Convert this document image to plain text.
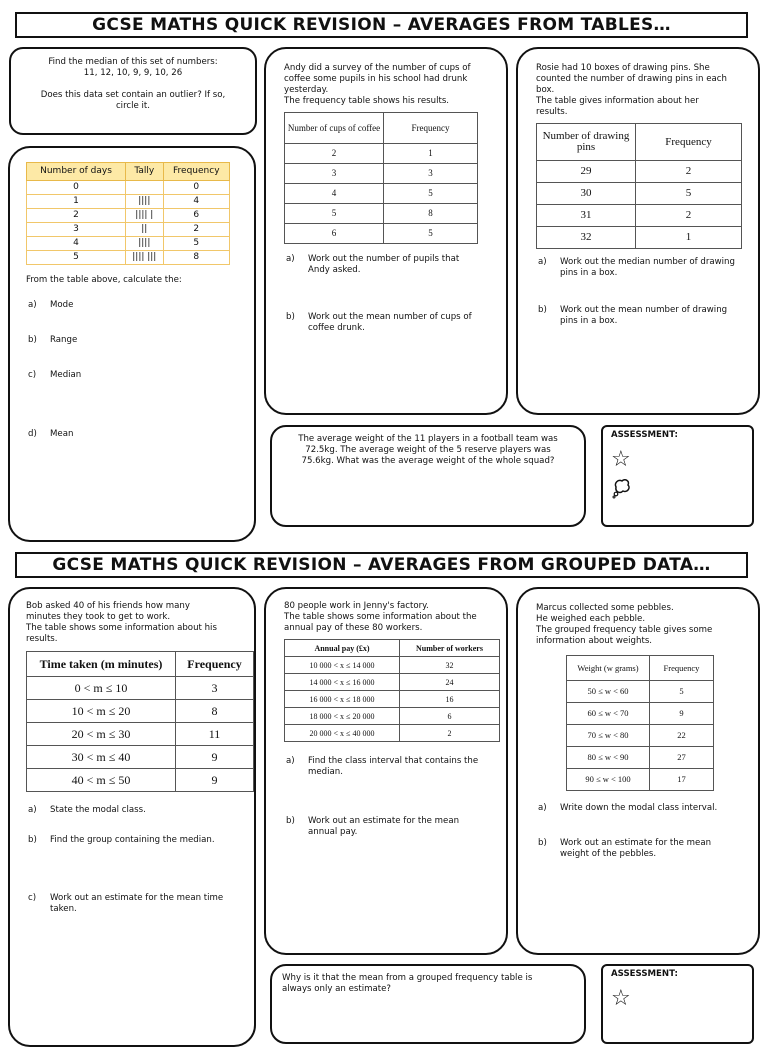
GCSE MATHS QUICK REVISION – AVERAGES FROM TABLES…

Find the median of this set of numbers:

11, 12, 10, 9, 9, 10, 26

Does this data set contain an outlier? If so,

circle it.

Number of days	Tally	Frequency
0		0
1	||||	4
2	|||| |	6
3	||	2
4	||||	5
5	|||| |||	8

From the table above, calculate the:

a)	Mode
b)	Range
c)	Median
d)	Mean

Andy did a survey of the number of cups of

coffee some pupils in his school had drunk

yesterday.

The frequency table shows his results.

Number of cups of coffee	Frequency
2	1
3	3
4	5
5	8
6	5
a)	Work out the number of pupils that

Andy asked.

b)	Work out the mean number of cups of

coffee drunk.

Rosie had 10 boxes of drawing pins. She

counted the number of drawing pins in each

box.

The table gives information about her

results.

Number of drawing pins	Frequency
29	2
30	5
31	2
32	1
a)	Work out the median number of drawing

pins in a box.

b)	Work out the mean number of drawing

pins in a box.

The average weight of the 11 players in a football team was

72.5kg. The average weight of the 5 reserve players was

75.6kg. What was the average weight of the whole squad?

ASSESSMENT:

☆
GCSE MATHS QUICK REVISION – AVERAGES FROM GROUPED DATA…

Bob asked 40 of his friends how many

minutes they took to get to work.

The table shows some information about his

results.

Time taken (m minutes)	Frequency
0 < m ≤ 10	3
10 < m ≤ 20	8
20 < m ≤ 30	11
30 < m ≤ 40	9
40 < m ≤ 50	9
a)	State the modal class.
b)	Find the group containing the median.
c)	Work out an estimate for the mean time

taken.

80 people work in Jenny's factory.

The table shows some information about the

annual pay of these 80 workers.

Annual pay (£x)	Number of workers
10 000 < x ≤ 14 000	32
14 000 < x ≤ 16 000	24
16 000 < x ≤ 18 000	16
18 000 < x ≤ 20 000	6
20 000 < x ≤ 40 000	2
a)	Find the class interval that contains the

median.

b)	Work out an estimate for the mean

annual pay.

Marcus collected some pebbles.

He weighed each pebble.

The grouped frequency table gives some

information about weights.

Weight (w grams)	Frequency
50 ≤ w < 60	5
60 ≤ w < 70	9
70 ≤ w < 80	22
80 ≤ w < 90	27
90 ≤ w < 100	17
a)	Write down the modal class interval.
b)	Work out an estimate for the mean

weight of the pebbles.

Why is it that the mean from a grouped frequency table is

always only an estimate?

ASSESSMENT:

☆
